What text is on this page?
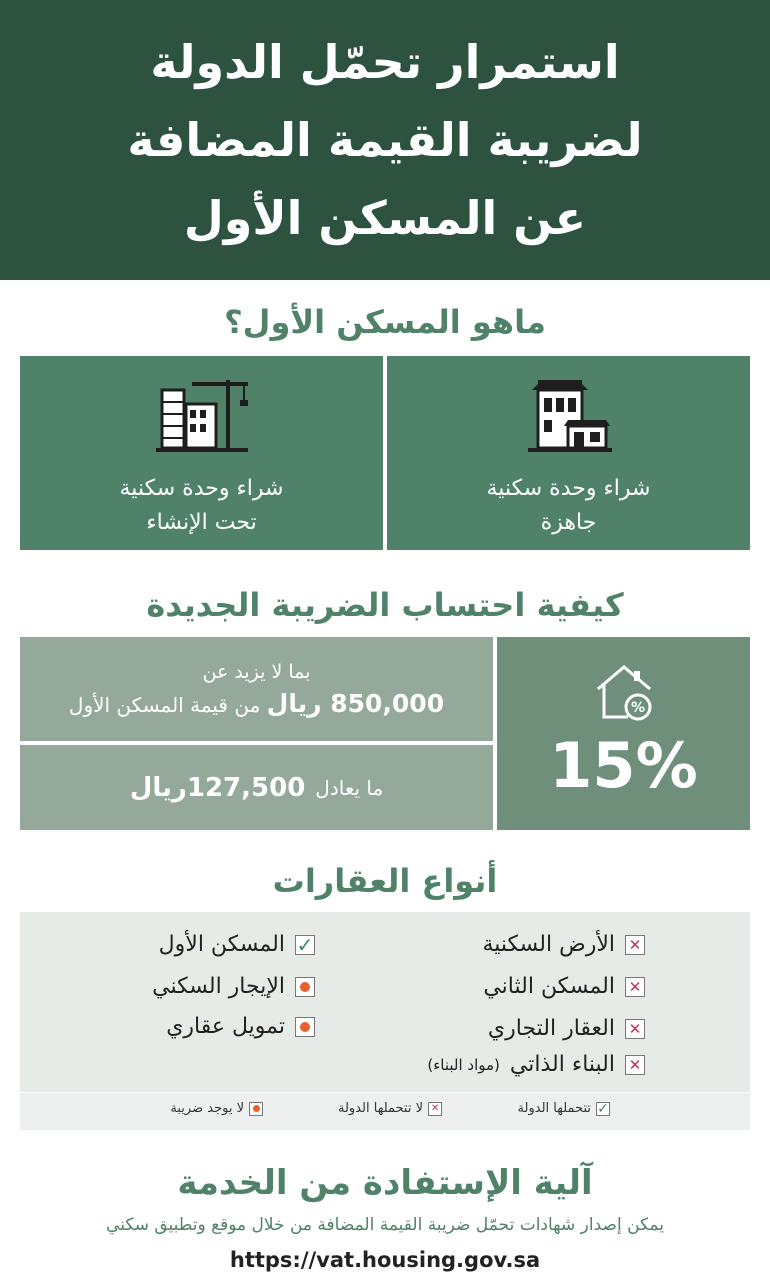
استمرار تحمّل الدولة
لضريبة القيمة المضافة
عن المسكن الأول
ماهو المسكن الأول؟
شراء وحدة سكنية
جاهزة
شراء وحدة سكنية
تحت الإنشاء
كيفية احتساب الضريبة الجديدة
%
15%
بما لا يزيد عن
850,000 ريال من قيمة المسكن الأول
ما يعادل
127,500ريال
أنواع العقارات
✕
الأرض السكنية
✕
المسكن الثاني
✕
العقار التجاري
✕
البناء الذاتي
(مواد البناء)
✓
المسكن الأول
الإيجار السكني
تمويل عقاري
✓
تتحملها الدولة
✕
لا تتحملها الدولة
لا يوجد ضريبة
آلية الإستفادة من الخدمة
يمكن إصدار شهادات تحمّل ضريبة القيمة المضافة من خلال موقع وتطبيق سكني
https://vat.housing.gov.sa
